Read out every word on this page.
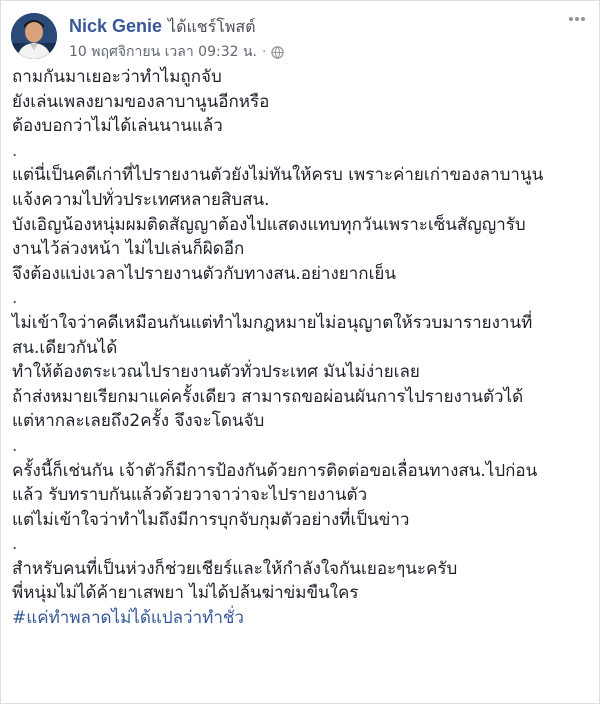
Nick Genie ได้แชร์โพสต์
10 พฤศจิกายน เวลา 09:32 น. ·
ถามกันมาเยอะว่าทำไมถูกจับ
ยังเล่นเพลงยามของลาบานูนอีกหรือ
ต้องบอกว่าไม่ได้เล่นนานแล้ว
.
แต่นี่เป็นคดีเก่าที่ไปรายงานตัวยังไม่ทันให้ครบ เพราะค่ายเก่าของลาบานูน
แจ้งความไปทั่วประเทศหลายสิบสน.
บังเอิญน้องหนุ่มผมติดสัญญาต้องไปแสดงแทบทุกวันเพราะเซ็นสัญญารับ
งานไว้ล่วงหน้า ไม่ไปเล่นก็ผิดอีก
จึงต้องแบ่งเวลาไปรายงานตัวกับทางสน.อย่างยากเย็น
.
ไม่เข้าใจว่าคดีเหมือนกันแต่ทำไมกฎหมายไม่อนุญาตให้รวบมารายงานที่
สน.เดียวกันได้
ทำให้ต้องตระเวณไปรายงานตัวทั่วประเทศ มันไม่ง่ายเลย
ถ้าส่งหมายเรียกมาแค่ครั้งเดียว สามารถขอผ่อนผันการไปรายงานตัวได้
แต่หากละเลยถึง2ครั้ง จึงจะโดนจับ
.
ครั้งนี้ก็เช่นกัน เจ้าตัวก็มีการป้องกันด้วยการติดต่อขอเลื่อนทางสน.ไปก่อน
แล้ว รับทราบกันแล้วด้วยวาจาว่าจะไปรายงานตัว
แต่ไม่เข้าใจว่าทำไมถึงมีการบุกจับกุมตัวอย่างที่เป็นข่าว
.
สำหรับคนที่เป็นห่วงก็ช่วยเชียร์และให้กำลังใจกันเยอะๆนะครับ
พี่หนุ่มไม่ได้ค้ายาเสพยา ไม่ได้ปล้นฆ่าข่มขืนใคร
#แค่ทำพลาดไม่ได้แปลว่าทำชั่ว
